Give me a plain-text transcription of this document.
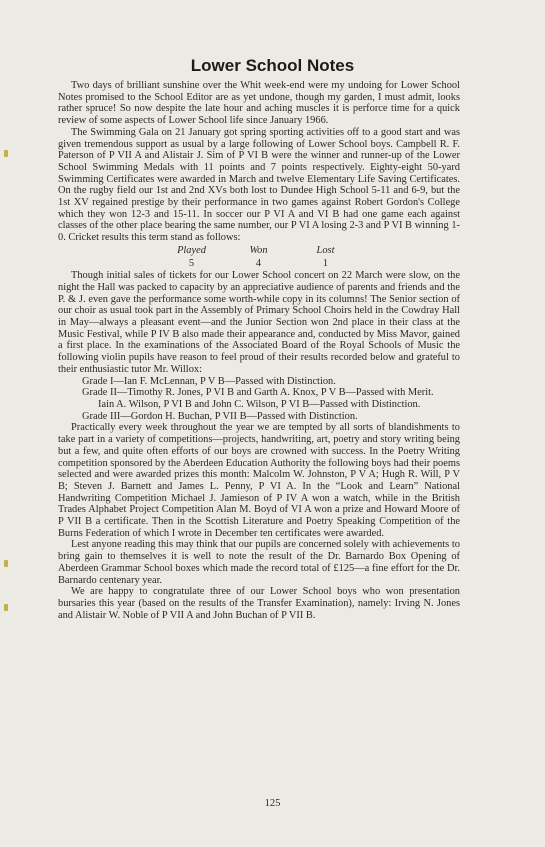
Lower School Notes

Two days of brilliant sunshine over the Whit week-end were my undoing for Lower School Notes promised to the School Editor are as yet undone, though my garden, I must admit, looks rather spruce! So now despite the late hour and aching muscles it is perforce time for a quick review of some aspects of Lower School life since January 1966.

The Swimming Gala on 21 January got spring sporting activities off to a good start and was given tremendous support as usual by a large following of Lower School boys. Campbell R. F. Paterson of P VII A and Alistair J. Sim of P VI B were the winner and runner-up of the Lower School Swimming Medals with 11 points and 7 points respectively. Eighty-eight 50-yard Swimming Certificates were awarded in March and twelve Elementary Life Saving Certificates. On the rugby field our 1st and 2nd XVs both lost to Dundee High School 5-11 and 6-9, but the 1st XV regained prestige by their performance in two games against Robert Gordon's College which they won 12-3 and 15-11. In soccer our P VI A and VI B had one game each against classes of the other place bearing the same number, our P VI A losing 2-3 and P VI B winning 1-0. Cricket results this term stand as follows:

Played	Won	Lost
5	4	1

Though initial sales of tickets for our Lower School concert on 22 March were slow, on the night the Hall was packed to capacity by an appreciative audience of parents and friends and the P. & J. even gave the performance some worth-while copy in its columns! The Senior section of our choir as usual took part in the Assembly of Primary School Choirs held in the Cowdray Hall in May—always a pleasant event—and the Junior Section won 2nd place in their class at the Music Festival, while P IV B also made their appearance and, conducted by Miss Mavor, gained a first place. In the examinations of the Associated Board of the Royal Schools of Music the following violin pupils have reason to feel proud of their results recorded below and grateful to their enthusiastic tutor Mr. Willox:

Grade I—Ian F. McLennan, P V B—Passed with Distinction.
Grade II—Timothy R. Jones, P VI B and Garth A. Knox, P V B—Passed with Merit.
Iain A. Wilson, P VI B and John C. Wilson, P VI B—Passed with Distinction.
Grade III—Gordon H. Buchan, P VII B—Passed with Distinction.

Practically every week throughout the year we are tempted by all sorts of blandishments to take part in a variety of competitions—projects, handwriting, art, poetry and story writing being but a few, and quite often efforts of our boys are crowned with success. In the Poetry Writing competition sponsored by the Aberdeen Education Authority the following boys had their poems selected and were awarded prizes this month: Malcolm W. Johnston, P V A; Hugh R. Will, P V B; Steven J. Barnett and James L. Penny, P VI A. In the “Look and Learn” National Handwriting Competition Michael J. Jamieson of P IV A won a watch, while in the British Trades Alphabet Project Competition Alan M. Boyd of VI A won a prize and Howard Moore of P VII B a certificate. Then in the Scottish Literature and Poetry Speaking Competition of the Burns Federation of which I wrote in December ten certificates were awarded.

Lest anyone reading this may think that our pupils are concerned solely with achievements to bring gain to themselves it is well to note the result of the Dr. Barnardo Box Opening of Aberdeen Grammar School boxes which made the record total of £125—a fine effort for the Dr. Barnardo centenary year.

We are happy to congratulate three of our Lower School boys who won presentation bursaries this year (based on the results of the Transfer Examination), namely: Irving N. Jones and Alistair W. Noble of P VII A and John Buchan of P VII B.

125
